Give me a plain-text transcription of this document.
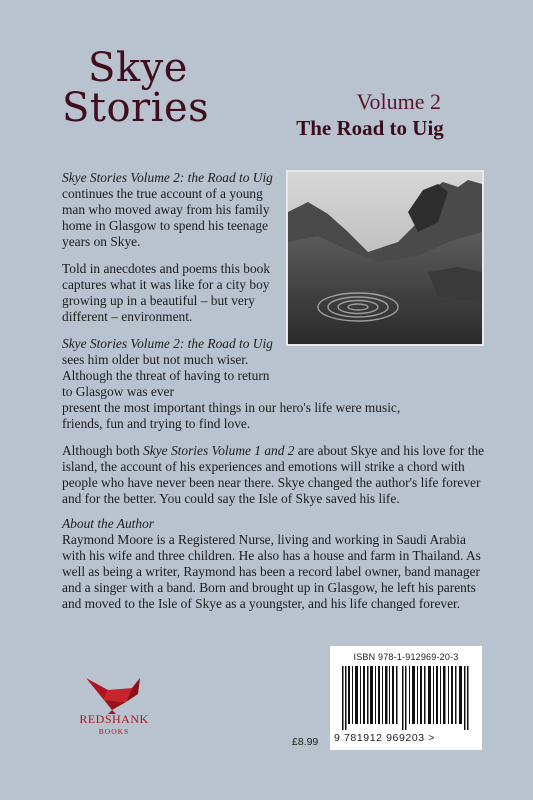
Skye
Stories	Volume 2
The Road to Uig

Skye Stories Volume 2: the Road to Uig continues the true account of a young man who moved away from his family home in Glasgow to spend his teenage years on Skye.

Told in anecdotes and poems this book captures what it was like for a city boy growing up in a beautiful – but very different – environment.

Skye Stories Volume 2: the Road to Uig sees him older but not much wiser. Although the threat of having to return to Glasgow was ever

present the most important things in our hero's life were music, friends, fun and trying to find love.

Although both Skye Stories Volume 1 and 2 are about Skye and his love for the island, the account of his experiences and emotions will strike a chord with people who have never been near there. Skye changed the author's life forever and for the better. You could say the Isle of Skye saved his life.

About the Author
Raymond Moore is a Registered Nurse, living and working in Saudi Arabia with his wife and three children. He also has a house and farm in Thailand. As well as being a writer, Raymond has been a record label owner, band manager and a singer with a band. Born and brought up in Glasgow, he left his parents and moved to the Isle of Skye as a youngster, and his life changed forever.
REDSHANK
BOOKS
£8.99
ISBN 978-1-912969-20-3
9 781912 969203 >
